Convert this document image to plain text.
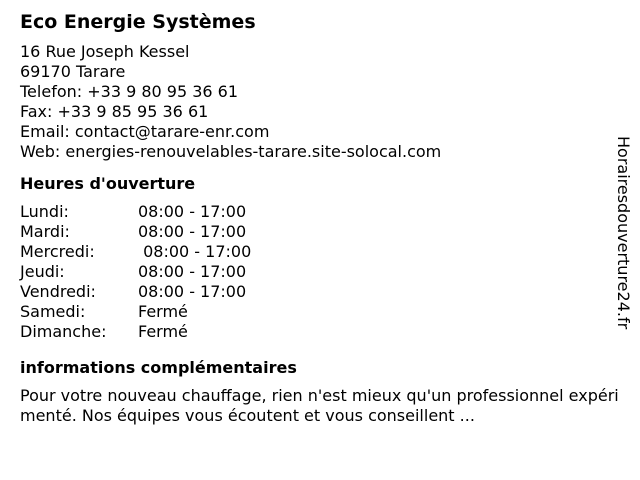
Eco Energie Systèmes
16 Rue Joseph Kessel
69170 Tarare
Telefon: +33 9 80 95 36 61
Fax: +33 9 85 95 36 61
Email: contact@tarare-enr.com
Web: energies-renouvelables-tarare.site-solocal.com
Heures d'ouverture
Lundi:	08:00 - 17:00
Mardi:	08:00 - 17:00
Mercredi:	08:00 - 17:00
Jeudi:	08:00 - 17:00
Vendredi:	08:00 - 17:00
Samedi:	Fermé
Dimanche:	Fermé
informations complémentaires
Pour votre nouveau chauffage, rien n'est mieux qu'un professionnel expérimenté. Nos équipes vous écoutent et vous conseillent ...
Horairesdouverture24.fr
